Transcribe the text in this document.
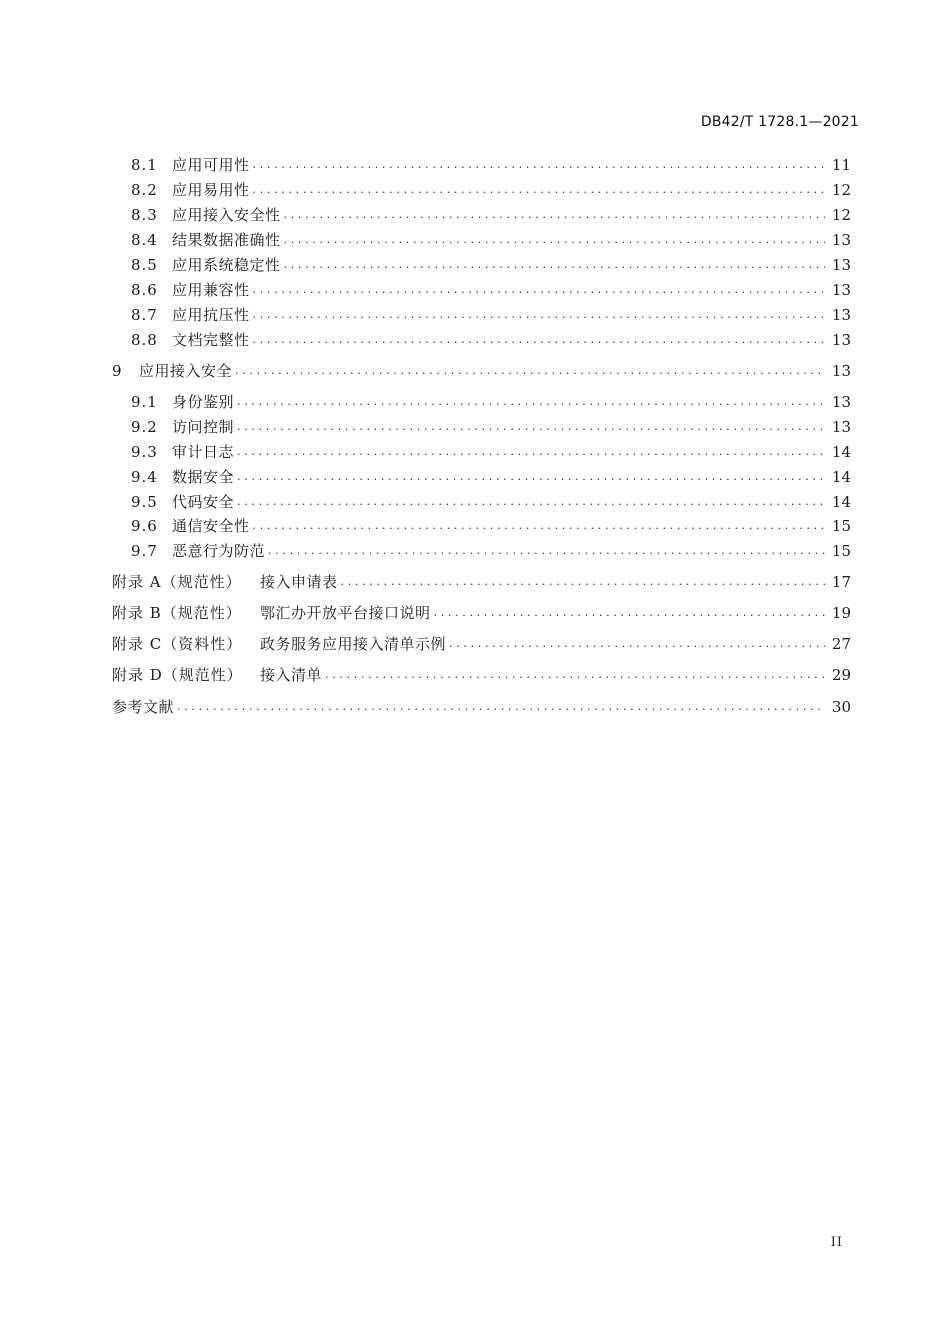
DB42/T 1728.1—2021
8.1 应用可用性 . . .	11
8.2 应用易用性 . . .	12
8.3 应用接入安全性 . . .	12
8.4 结果数据准确性 . . .	13
8.5 应用系统稳定性 . . .	13
8.6 应用兼容性 . . .	13
8.7 应用抗压性 . . .	13
8.8 文档完整性 . . .	13
9	应用接入安全 . . .	13
9.1 身份鉴别 . . .	13
9.2 访问控制 . . .	13
9.3 审计日志 . . .	14
9.4 数据安全 . . .	14
9.5 代码安全 . . .	14
9.6 通信安全性 . . .	15
9.7 恶意行为防范 . . .	15
附录 A（规范性）	接入申请表 . . .	17
附录 B（规范性）	鄂汇办开放平台接口说明 . . .	19
附录 C（资料性）	政务服务应用接入清单示例 . . .	27
附录 D（规范性）	接入清单 . . .	29
参考文献 . . .	30
II
